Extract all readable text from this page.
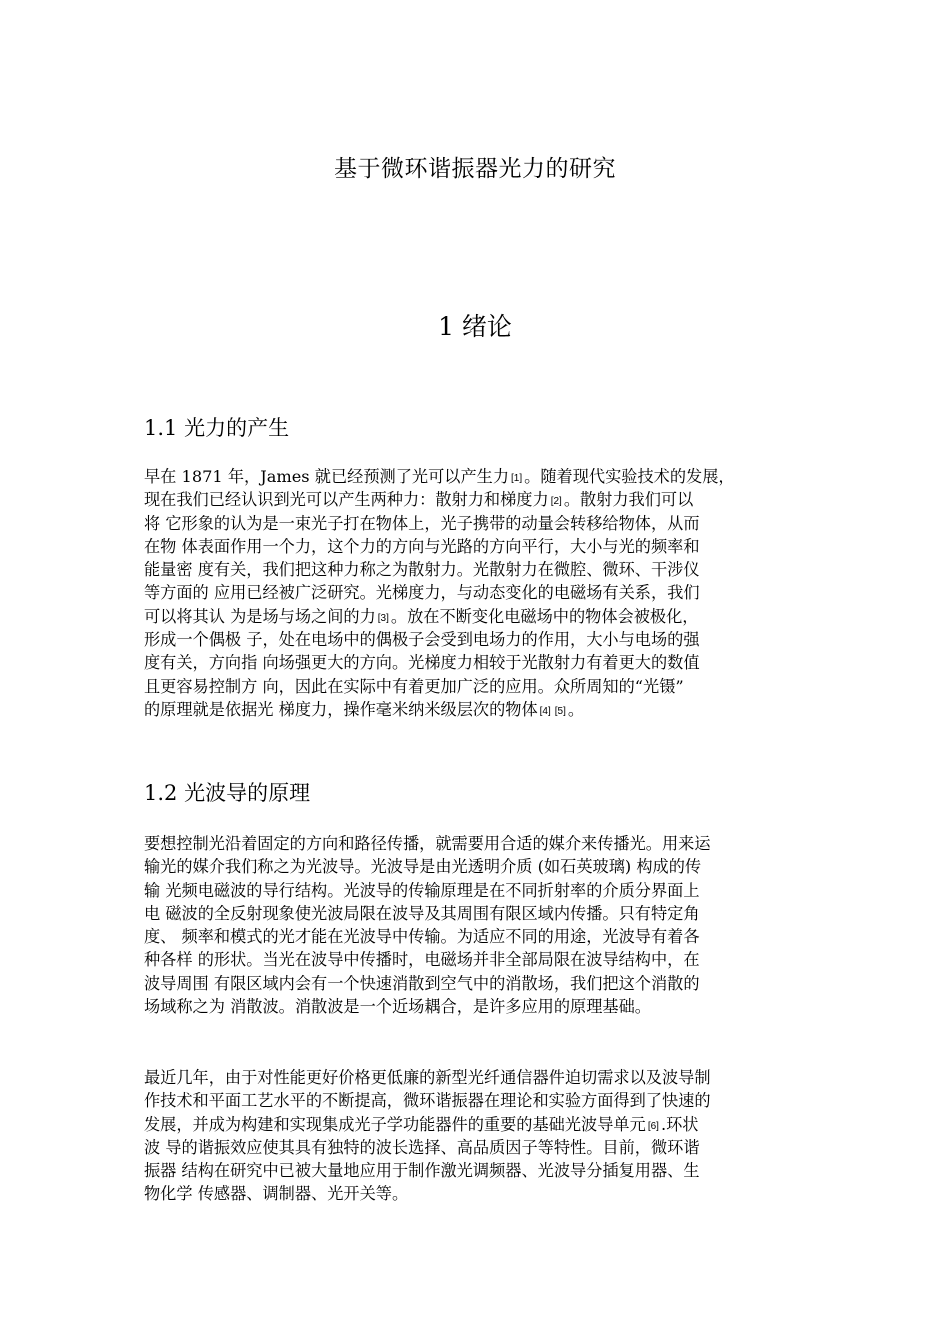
基于微环谐振器光力的研究
1 绪论
1.1 光力的产生
早在 1871 年，James 就已经预测了光可以产生力 [1] 。随着现代实验技术的发展，
现在我们已经认识到光可以产生两种力：散射力和梯度力 [2] 。散射力我们可以
将 它形象的认为是一束光子打在物体上，光子携带的动量会转移给物体，从而
在物 体表面作用一个力，这个力的方向与光路的方向平行，大小与光的频率和
能量密 度有关，我们把这种力称之为散射力。光散射力在微腔、微环、干涉仪
等方面的 应用已经被广泛研究。光梯度力，与动态变化的电磁场有关系，我们
可以将其认 为是场与场之间的力 [3] 。放在不断变化电磁场中的物体会被极化，
形成一个偶极 子，处在电场中的偶极子会受到电场力的作用，大小与电场的强
度有关，方向指 向场强更大的方向。光梯度力相较于光散射力有着更大的数值
且更容易控制方 向，因此在实际中有着更加广泛的应用。众所周知的“光镊”
的原理就是依据光 梯度力，操作毫米纳米级层次的物体 [4] [5] 。
1.2 光波导的原理
要想控制光沿着固定的方向和路径传播，就需要用合适的媒介来传播光。用来运
输光的媒介我们称之为光波导。光波导是由光透明介质 (如石英玻璃) 构成的传
输 光频电磁波的导行结构。光波导的传输原理是在不同折射率的介质分界面上
电 磁波的全反射现象使光波局限在波导及其周围有限区域内传播。只有特定角
度、 频率和模式的光才能在光波导中传输。为适应不同的用途，光波导有着各
种各样 的形状。当光在波导中传播时，电磁场并非全部局限在波导结构中，在
波导周围 有限区域内会有一个快速消散到空气中的消散场，我们把这个消散的
场域称之为 消散波。消散波是一个近场耦合，是许多应用的原理基础。
最近几年，由于对性能更好价格更低廉的新型光纤通信器件迫切需求以及波导制
作技术和平面工艺水平的不断提高，微环谐振器在理论和实验方面得到了快速的
发展，并成为构建和实现集成光子学功能器件的重要的基础光波导单元 [6] .环状
波 导的谐振效应使其具有独特的波长选择、高品质因子等特性。目前，微环谐
振器 结构在研究中已被大量地应用于制作激光调频器、光波导分插复用器、生
物化学 传感器、调制器、光开关等。
